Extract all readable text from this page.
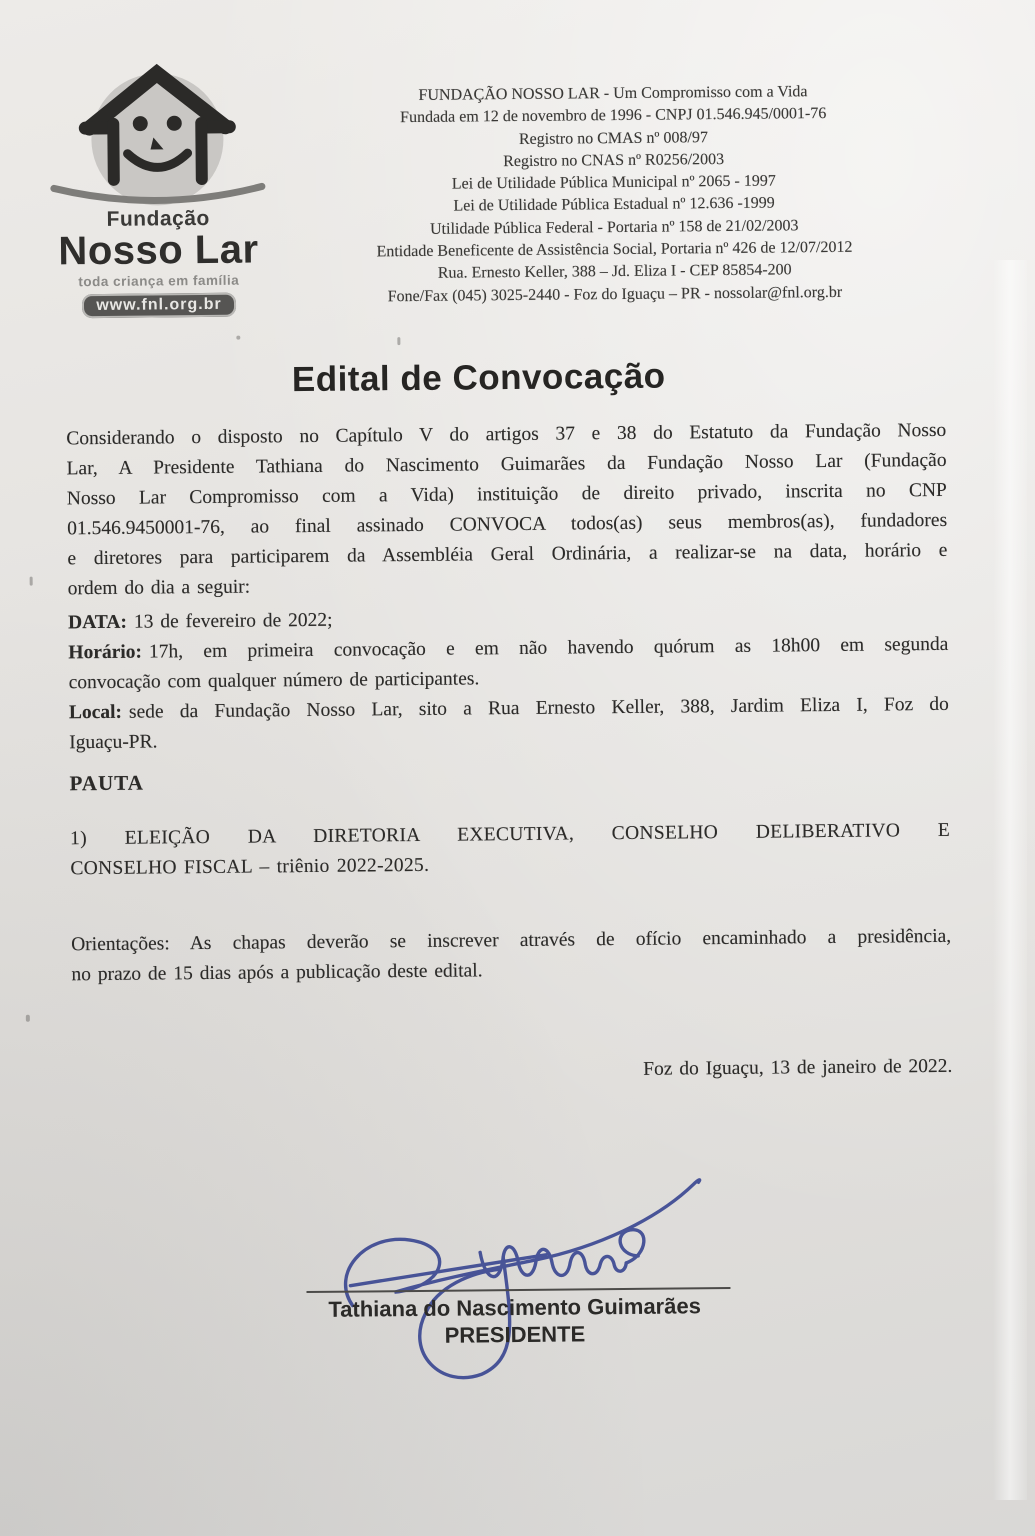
Fundação
Nosso Lar
toda criança em família
www.fnl.org.br
FUNDAÇÃO NOSSO LAR - Um Compromisso com a Vida
Fundada em 12 de novembro de 1996 - CNPJ 01.546.945/0001-76
Registro no CMAS nº 008/97
Registro no CNAS nº R0256/2003
Lei de Utilidade Pública Municipal nº 2065 - 1997
Lei de Utilidade Pública Estadual nº 12.636 -1999
Utilidade Pública Federal - Portaria nº 158 de 21/02/2003
Entidade Beneficente de Assistência Social, Portaria nº 426 de 12/07/2012
Rua. Ernesto Keller, 388 – Jd. Eliza I - CEP 85854-200
Fone/Fax (045) 3025-2440 - Foz do Iguaçu – PR - nossolar@fnl.org.br
Edital de Convocação
Considerando o disposto no Capítulo V do artigos 37 e 38 do Estatuto da Fundação Nosso
Lar, A Presidente Tathiana do Nascimento Guimarães da Fundação Nosso Lar (Fundação
Nosso Lar Compromisso com a Vida) instituição de direito privado, inscrita no CNP
01.546.9450001-76, ao final assinado CONVOCA todos(as) seus membros(as), fundadores
e diretores para participarem da Assembléia Geral Ordinária, a realizar-se na data, horário e
ordem do dia a seguir:
DATA: 13 de fevereiro de 2022;
Horário: 17h, em primeira convocação e em não havendo quórum as 18h00 em segunda
convocação com qualquer número de participantes.
Local: sede da Fundação Nosso Lar, sito a Rua Ernesto Keller, 388, Jardim Eliza I, Foz do
Iguaçu-PR.
PAUTA
1) ELEIÇÃO DA DIRETORIA EXECUTIVA, CONSELHO DELIBERATIVO E
CONSELHO FISCAL – triênio 2022-2025.
Orientações: As chapas deverão se inscrever através de ofício encaminhado a presidência,
no prazo de 15 dias após a publicação deste edital.
Foz do Iguaçu, 13 de janeiro de 2022.
Tathiana do Nascimento Guimarães
PRESIDENTE
